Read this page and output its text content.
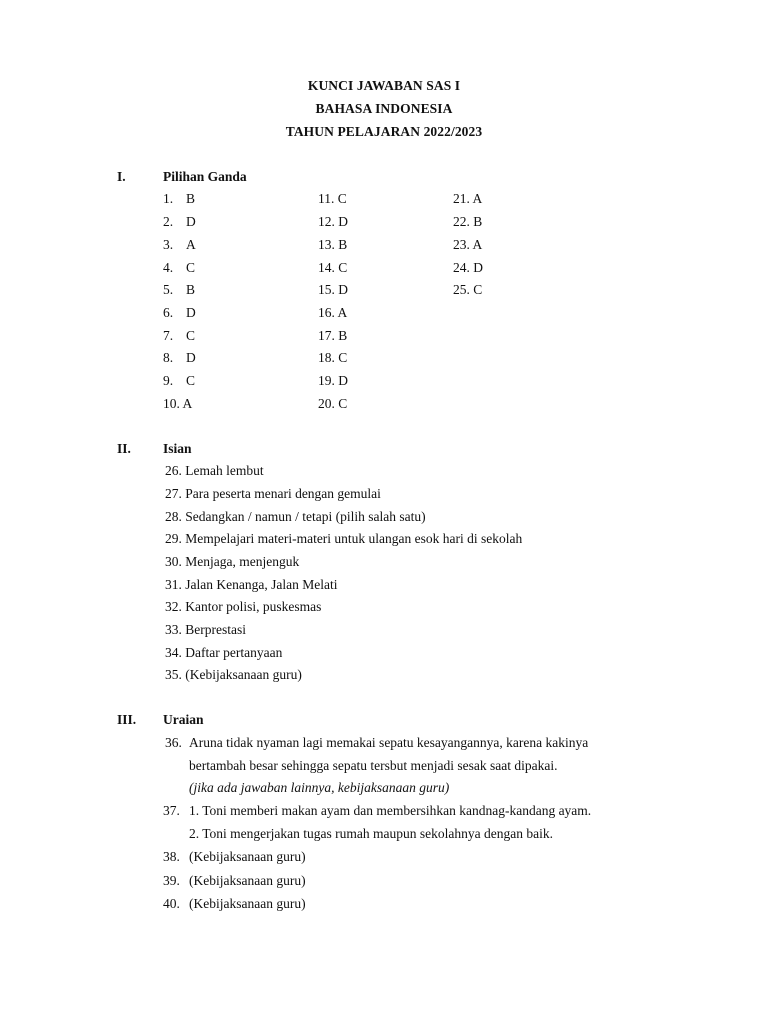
KUNCI JAWABAN SAS I
BAHASA INDONESIA
TAHUN PELAJARAN 2022/2023
I.	Pilihan Ganda
1. B
2. D
3. A
4. C
5. B
6. D
7. C
8. D
9. C
10. A
11. C
12. D
13. B
14. C
15. D
16. A
17. B
18. C
19. D
20. C
21. A
22. B
23. A
24. D
25. C
II. Isian
26. Lemah lembut
27. Para peserta menari dengan gemulai
28. Sedangkan / namun / tetapi (pilih salah satu)
29. Mempelajari materi-materi untuk ulangan esok hari di sekolah
30. Menjaga, menjenguk
31. Jalan Kenanga, Jalan Melati
32. Kantor polisi, puskesmas
33. Berprestasi
34. Daftar pertanyaan
35. (Kebijaksanaan guru)
III. Uraian
36. Aruna tidak nyaman lagi memakai sepatu kesayangannya, karena kakinya
bertambah besar sehingga sepatu tersbut menjadi sesak saat dipakai.
(jika ada jawaban lainnya, kebijaksanaan guru)
37. 1. Toni memberi makan ayam dan membersihkan kandnag-kandang ayam.
2. Toni mengerjakan tugas rumah maupun sekolahnya dengan baik.
38. (Kebijaksanaan guru)
39. (Kebijaksanaan guru)
40. (Kebijaksanaan guru)
